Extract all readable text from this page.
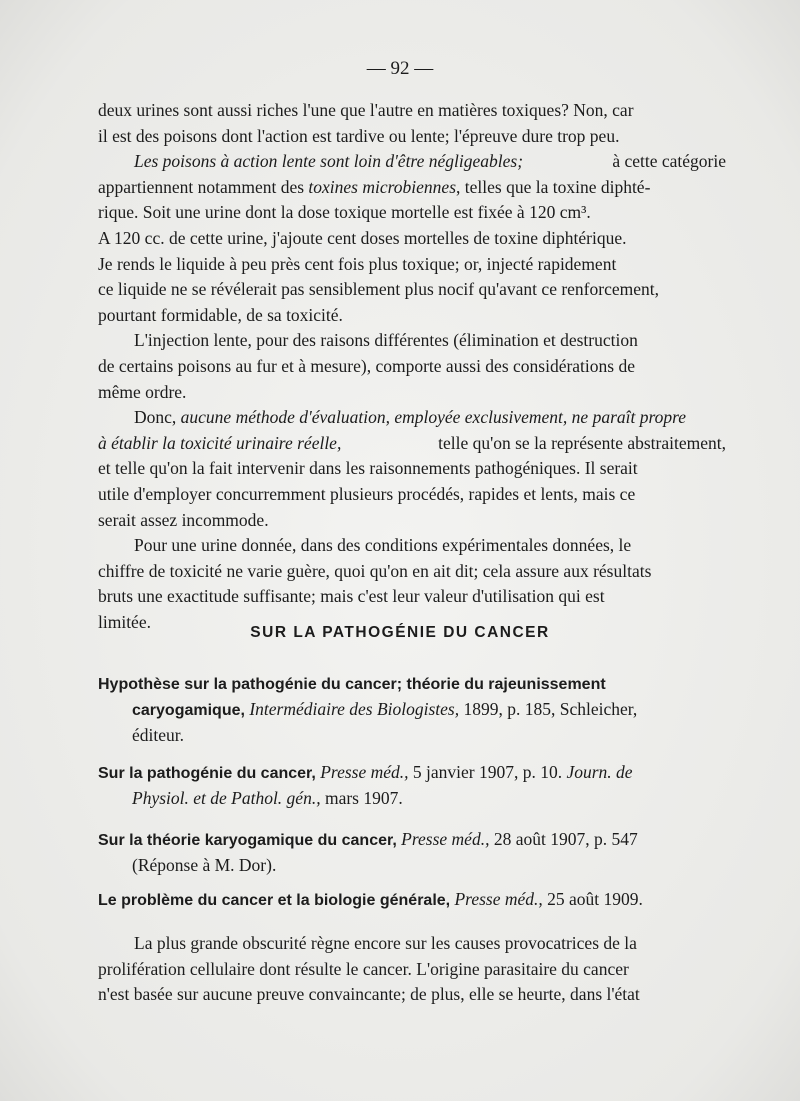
— 92 —
deux urines sont aussi riches l'une que l'autre en matières toxiques? Non, car
il est des poisons dont l'action est tardive ou lente; l'épreuve dure trop peu.
Les poisons à action lente sont loin d'être négligeables;	à cette catégorie
appartiennent notamment des toxines microbiennes, telles que la toxine diphté-
rique. Soit une urine dont la dose toxique mortelle est fixée à 120 cm³.
A 120 cc. de cette urine, j'ajoute cent doses mortelles de toxine diphtérique.
Je rends le liquide à peu près cent fois plus toxique; or, injecté rapidement
ce liquide ne se révélerait pas sensiblement plus nocif qu'avant ce renforcement,
pourtant formidable, de sa toxicité.
L'injection lente, pour des raisons différentes (élimination et destruction
de certains poisons au fur et à mesure), comporte aussi des considérations de
même ordre.
Donc, aucune méthode d'évaluation, employée exclusivement, ne paraît propre
à établir la toxicité urinaire réelle,	telle qu'on se la représente abstraitement,
et telle qu'on la fait intervenir dans les raisonnements pathogéniques. Il serait
utile d'employer concurremment plusieurs procédés, rapides et lents, mais ce
serait assez incommode.
Pour une urine donnée, dans des conditions expérimentales données, le
chiffre de toxicité ne varie guère, quoi qu'on en ait dit; cela assure aux résultats
bruts une exactitude suffisante; mais c'est leur valeur d'utilisation qui est
limitée.
SUR LA PATHOGÉNIE DU CANCER
Hypothèse sur la pathogénie du cancer; théorie du rajeunissement
caryogamique, Intermédiaire des Biologistes, 1899, p. 185, Schleicher,
éditeur.
Sur la pathogénie du cancer, Presse méd., 5 janvier 1907, p. 10. Journ. de
Physiol. et de Pathol. gén., mars 1907.
Sur la théorie karyogamique du cancer, Presse méd., 28 août 1907, p. 547
(Réponse à M. Dor).
Le problème du cancer et la biologie générale, Presse méd., 25 août 1909.
La plus grande obscurité règne encore sur les causes provocatrices de la
prolifération cellulaire dont résulte le cancer. L'origine parasitaire du cancer
n'est basée sur aucune preuve convaincante; de plus, elle se heurte, dans l'état
